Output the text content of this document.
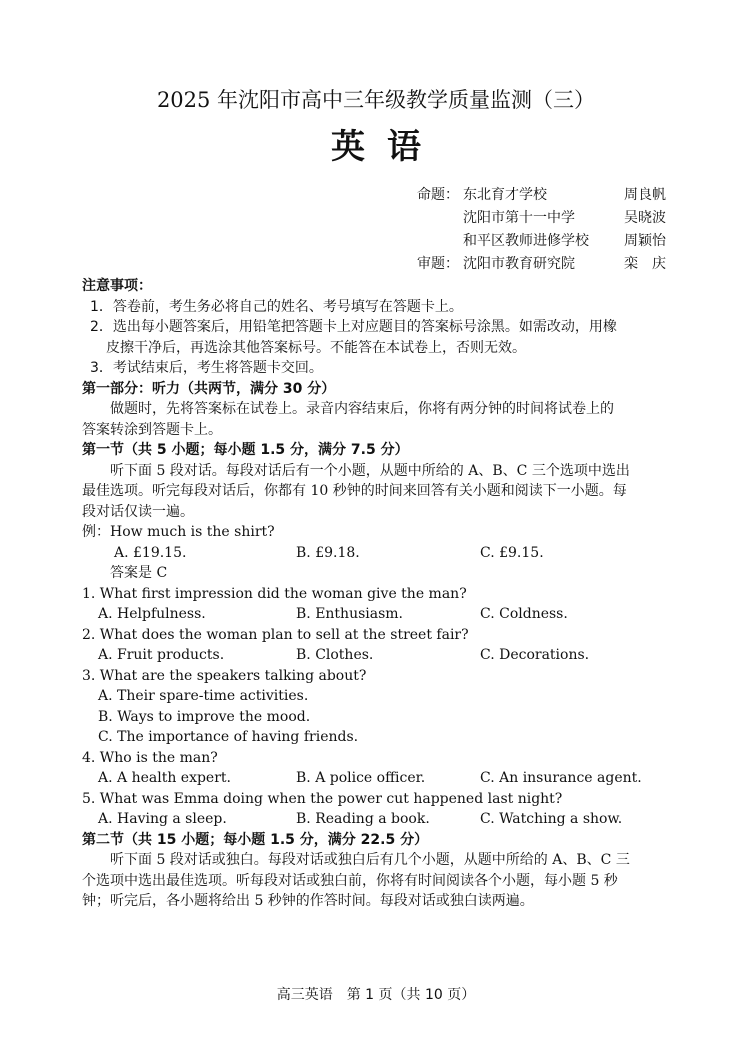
2025 年沈阳市高中三年级教学质量监测（三）
英语
命题： 东北育才学校	周良帆
沈阳市第十一中学	吴晓波
和平区教师进修学校	周颖怡
审题： 沈阳市教育研究院	栾　庆
注意事项：
1．答卷前，考生务必将自己的姓名、考号填写在答题卡上。
2．选出每小题答案后，用铅笔把答题卡上对应题目的答案标号涂黑。如需改动，用橡
皮擦干净后，再选涂其他答案标号。不能答在本试卷上，否则无效。
3．考试结束后，考生将答题卡交回。
第一部分：听力（共两节，满分 30 分）
做题时，先将答案标在试卷上。录音内容结束后，你将有两分钟的时间将试卷上的
答案转涂到答题卡上。
第一节（共 5 小题；每小题 1.5 分，满分 7.5 分）
听下面 5 段对话。每段对话后有一个小题，从题中所给的 A、B、C 三个选项中选出
最佳选项。听完每段对话后，你都有 10 秒钟的时间来回答有关小题和阅读下一小题。每
段对话仅读一遍。
例：How much is the shirt?
A. £19.15.	B. £9.18.	C. £9.15.
答案是 C
1. What first impression did the woman give the man?
A. Helpfulness.	B. Enthusiasm.	C. Coldness.
2. What does the woman plan to sell at the street fair?
A. Fruit products.	B. Clothes.	C. Decorations.
3. What are the speakers talking about?
A. Their spare-time activities.
B. Ways to improve the mood.
C. The importance of having friends.
4. Who is the man?
A. A health expert.	B. A police officer.	C. An insurance agent.
5. What was Emma doing when the power cut happened last night?
A. Having a sleep.	B. Reading a book.	C. Watching a show.
第二节（共 15 小题；每小题 1.5 分，满分 22.5 分）
听下面 5 段对话或独白。每段对话或独白后有几个小题，从题中所给的 A、B、C 三
个选项中选出最佳选项。听每段对话或独白前，你将有时间阅读各个小题，每小题 5 秒
钟；听完后，各小题将给出 5 秒钟的作答时间。每段对话或独白读两遍。
高三英语　第 1 页（共 10 页）
